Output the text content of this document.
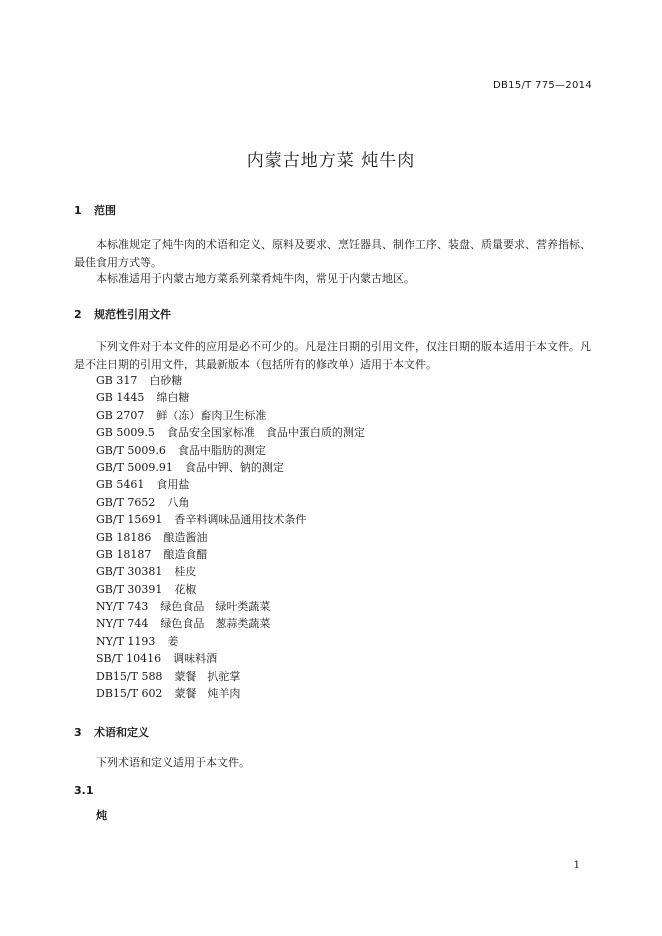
DB15/T 775—2014
内蒙古地方菜 炖牛肉
1 范围
本标准规定了炖牛肉的术语和定义、原料及要求、烹饪器具、制作工序、装盘、质量要求、营养指标、最佳食用方式等。
本标准适用于内蒙古地方菜系列菜肴炖牛肉，常见于内蒙古地区。
2 规范性引用文件
下列文件对于本文件的应用是必不可少的。凡是注日期的引用文件，仅注日期的版本适用于本文件。凡是不注日期的引用文件，其最新版本（包括所有的修改单）适用于本文件。
GB 317 白砂糖
GB 1445 绵白糖
GB 2707 鲜（冻）畜肉卫生标准
GB 5009.5 食品安全国家标准　食品中蛋白质的测定
GB/T 5009.6 食品中脂肪的测定
GB/T 5009.91 食品中钾、钠的测定
GB 5461 食用盐
GB/T 7652 八角
GB/T 15691 香辛料调味品通用技术条件
GB 18186 酿造酱油
GB 18187 酿造食醋
GB/T 30381 桂皮
GB/T 30391 花椒
NY/T 743 绿色食品　绿叶类蔬菜
NY/T 744 绿色食品　葱蒜类蔬菜
NY/T 1193 姜
SB/T 10416 调味料酒
DB15/T 588 蒙餐　扒驼掌
DB15/T 602 蒙餐　炖羊肉
3 术语和定义
下列术语和定义适用于本文件。
3.1
炖
1
